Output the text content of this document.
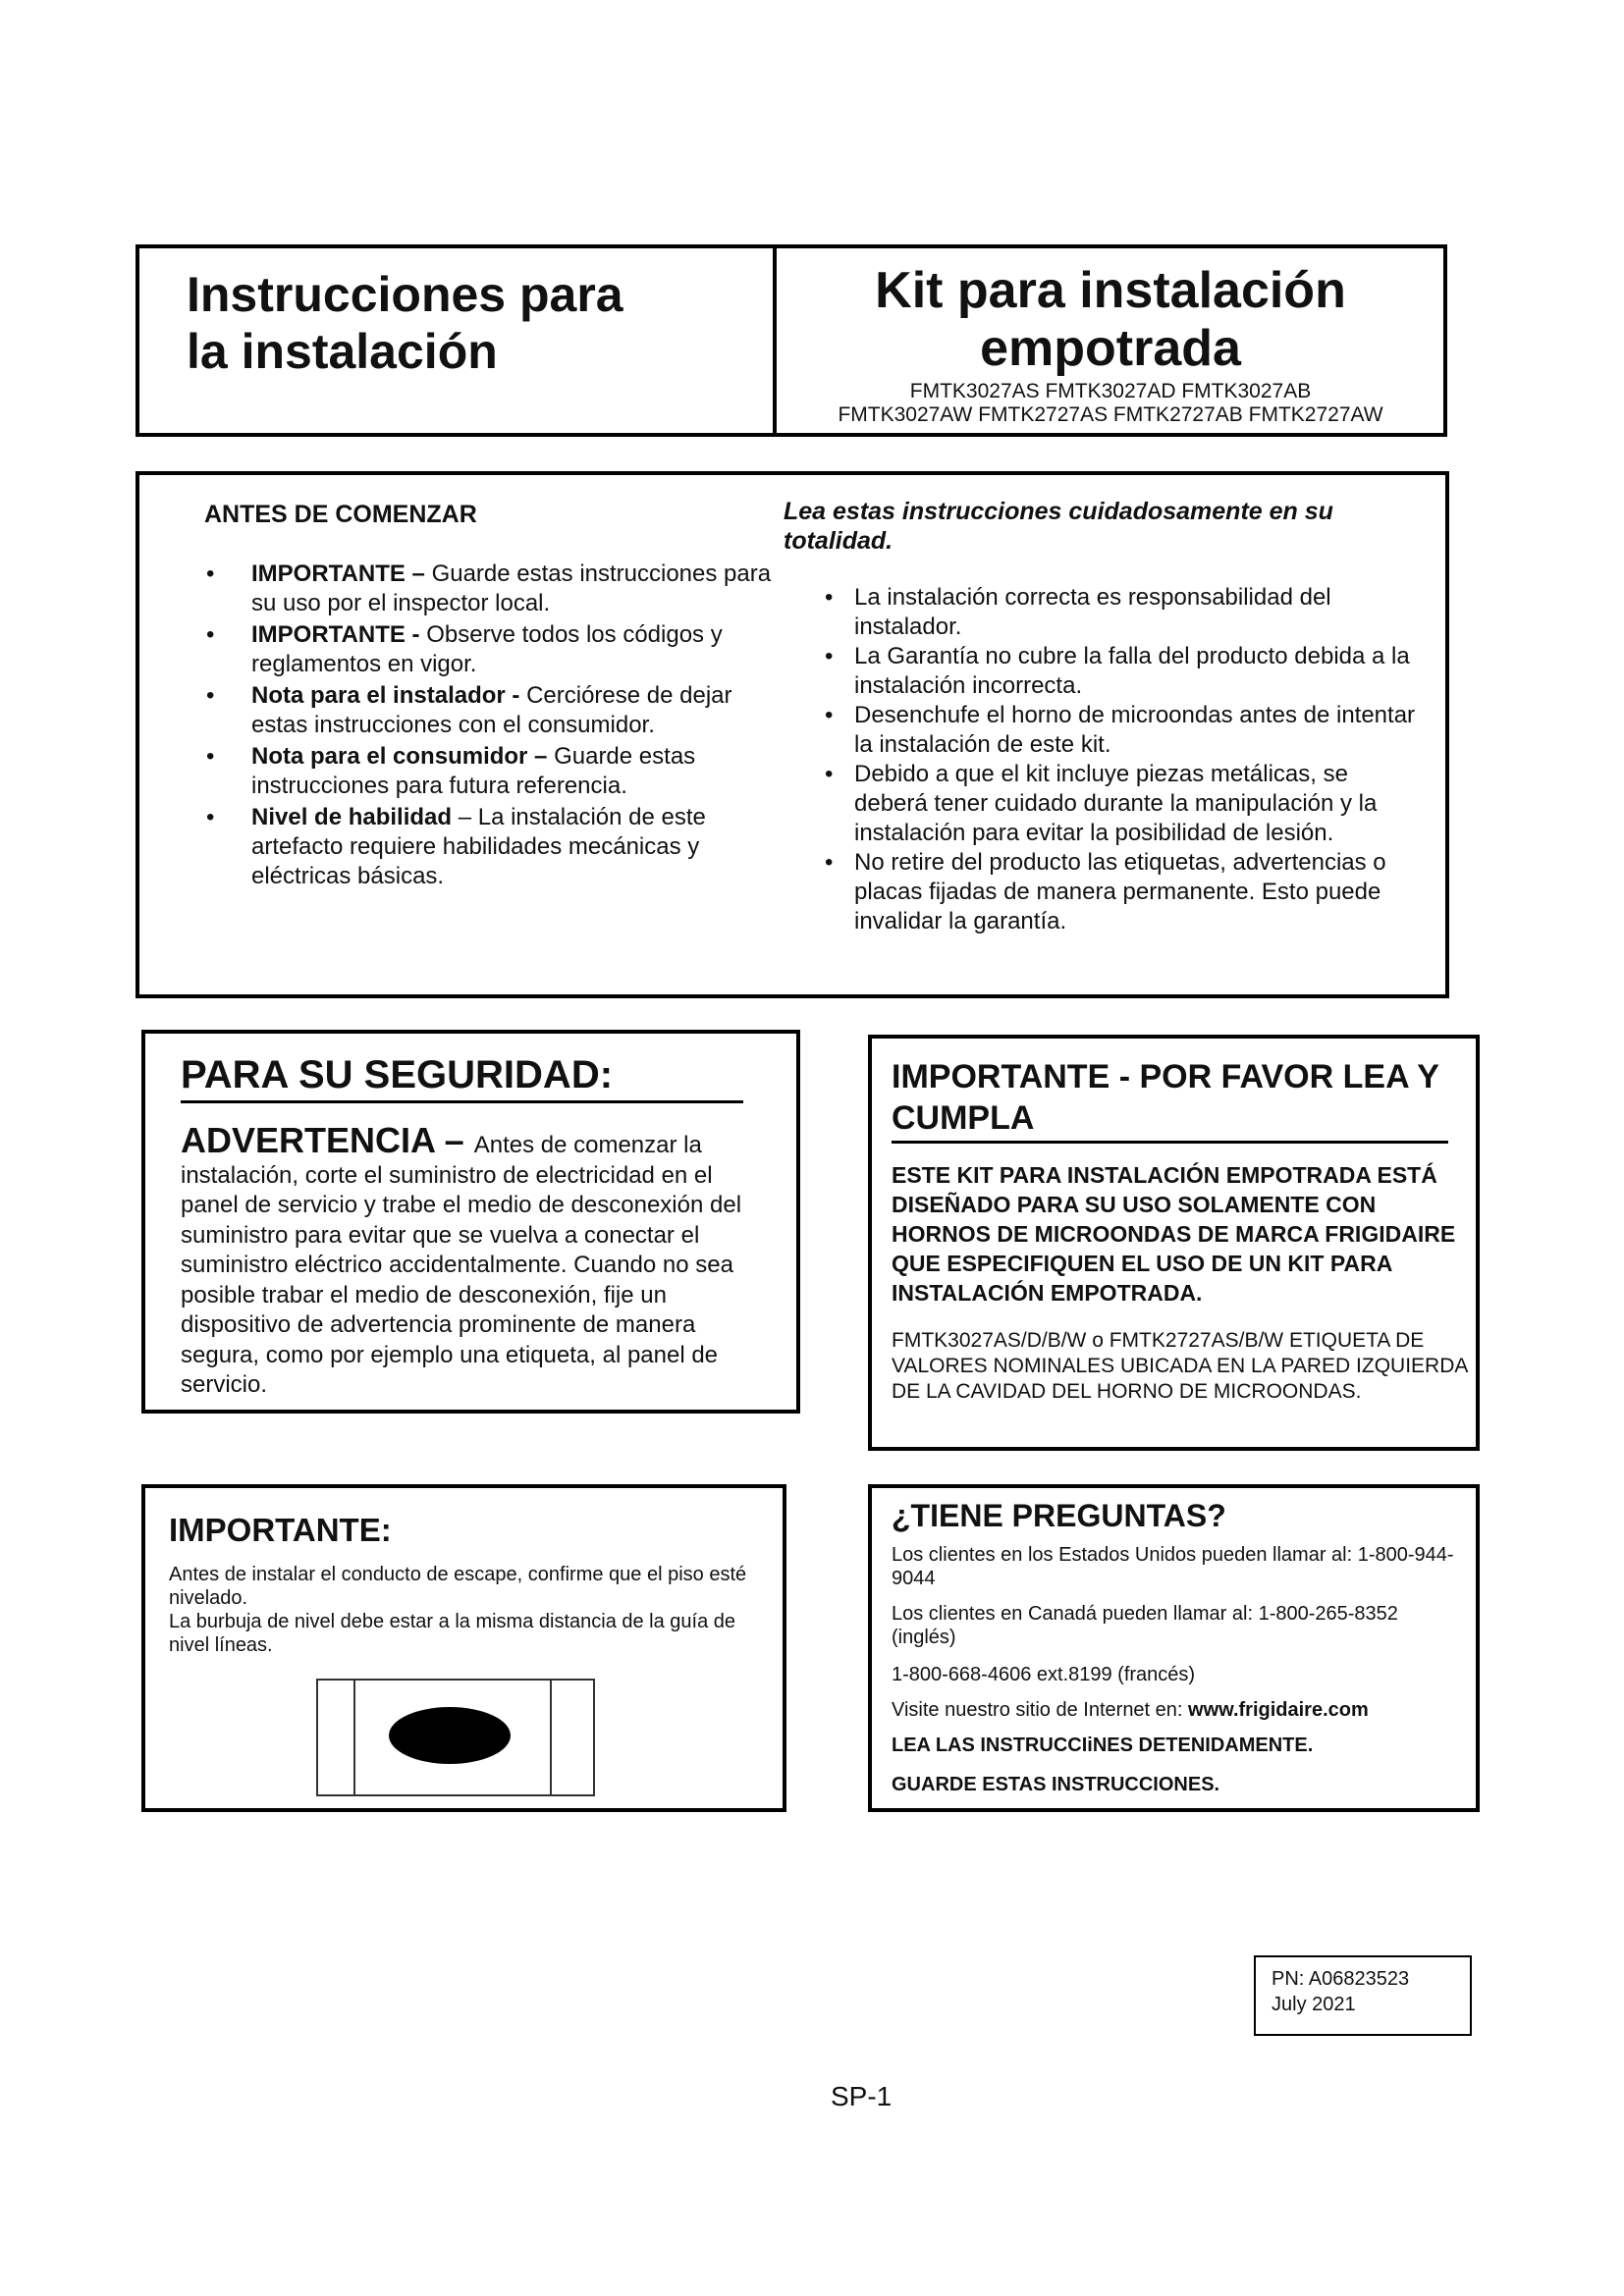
Instrucciones para
la instalación
Kit para instalación
empotrada
FMTK3027AS FMTK3027AD FMTK3027AB
FMTK3027AW FMTK2727AS FMTK2727AB FMTK2727AW
ANTES DE COMENZAR	Lea estas instrucciones cuidadosamente en su totalidad.
• IMPORTANTE – Guarde estas instrucciones para su uso por el inspector local.
• IMPORTANTE - Observe todos los códigos y reglamentos en vigor.
• Nota para el instalador - Cerciórese de dejar estas instrucciones con el consumidor.
• Nota para el consumidor – Guarde estas instrucciones para futura referencia.
• Nivel de habilidad – La instalación de este artefacto requiere habilidades mecánicas y eléctricas básicas.
• La instalación correcta es responsabilidad del instalador.
• La Garantía no cubre la falla del producto debida a la instalación incorrecta.
• Desenchufe el horno de microondas antes de intentar la instalación de este kit.
• Debido a que el kit incluye piezas metálicas, se deberá tener cuidado durante la manipulación y la instalación para evitar la posibilidad de lesión.
• No retire del producto las etiquetas, advertencias o placas fijadas de manera permanente. Esto puede invalidar la garantía.
PARA SU SEGURIDAD:
ADVERTENCIA – Antes de comenzar la instalación, corte el suministro de electricidad en el panel de servicio y trabe el medio de desconexión del suministro para evitar que se vuelva a conectar el suministro eléctrico accidentalmente. Cuando no sea posible trabar el medio de desconexión, fije un dispositivo de advertencia prominente de manera segura, como por ejemplo una etiqueta, al panel de servicio.
IMPORTANTE - POR FAVOR LEA Y CUMPLA
ESTE KIT PARA INSTALACIÓN EMPOTRADA ESTÁ DISEÑADO PARA SU USO SOLAMENTE CON HORNOS DE MICROONDAS DE MARCA FRIGIDAIRE QUE ESPECIFIQUEN EL USO DE UN KIT PARA INSTALACIÓN EMPOTRADA.
FMTK3027AS/D/B/W o FMTK2727AS/B/W ETIQUETA DE VALORES NOMINALES UBICADA EN LA PARED IZQUIERDA DE LA CAVIDAD DEL HORNO DE MICROONDAS.
IMPORTANTE:
Antes de instalar el conducto de escape, confirme que el piso esté nivelado.
La burbuja de nivel debe estar a la misma distancia de la guía de nivel líneas.
¿TIENE PREGUNTAS?
Los clientes en los Estados Unidos pueden llamar al: 1-800-944-9044
Los clientes en Canadá pueden llamar al: 1-800-265-8352 (inglés)
1-800-668-4606 ext.8199 (francés)
Visite nuestro sitio de Internet en: www.frigidaire.com
LEA LAS INSTRUCCIiNES DETENIDAMENTE.
GUARDE ESTAS INSTRUCCIONES.
PN: A06823523
July 2021
SP-1
